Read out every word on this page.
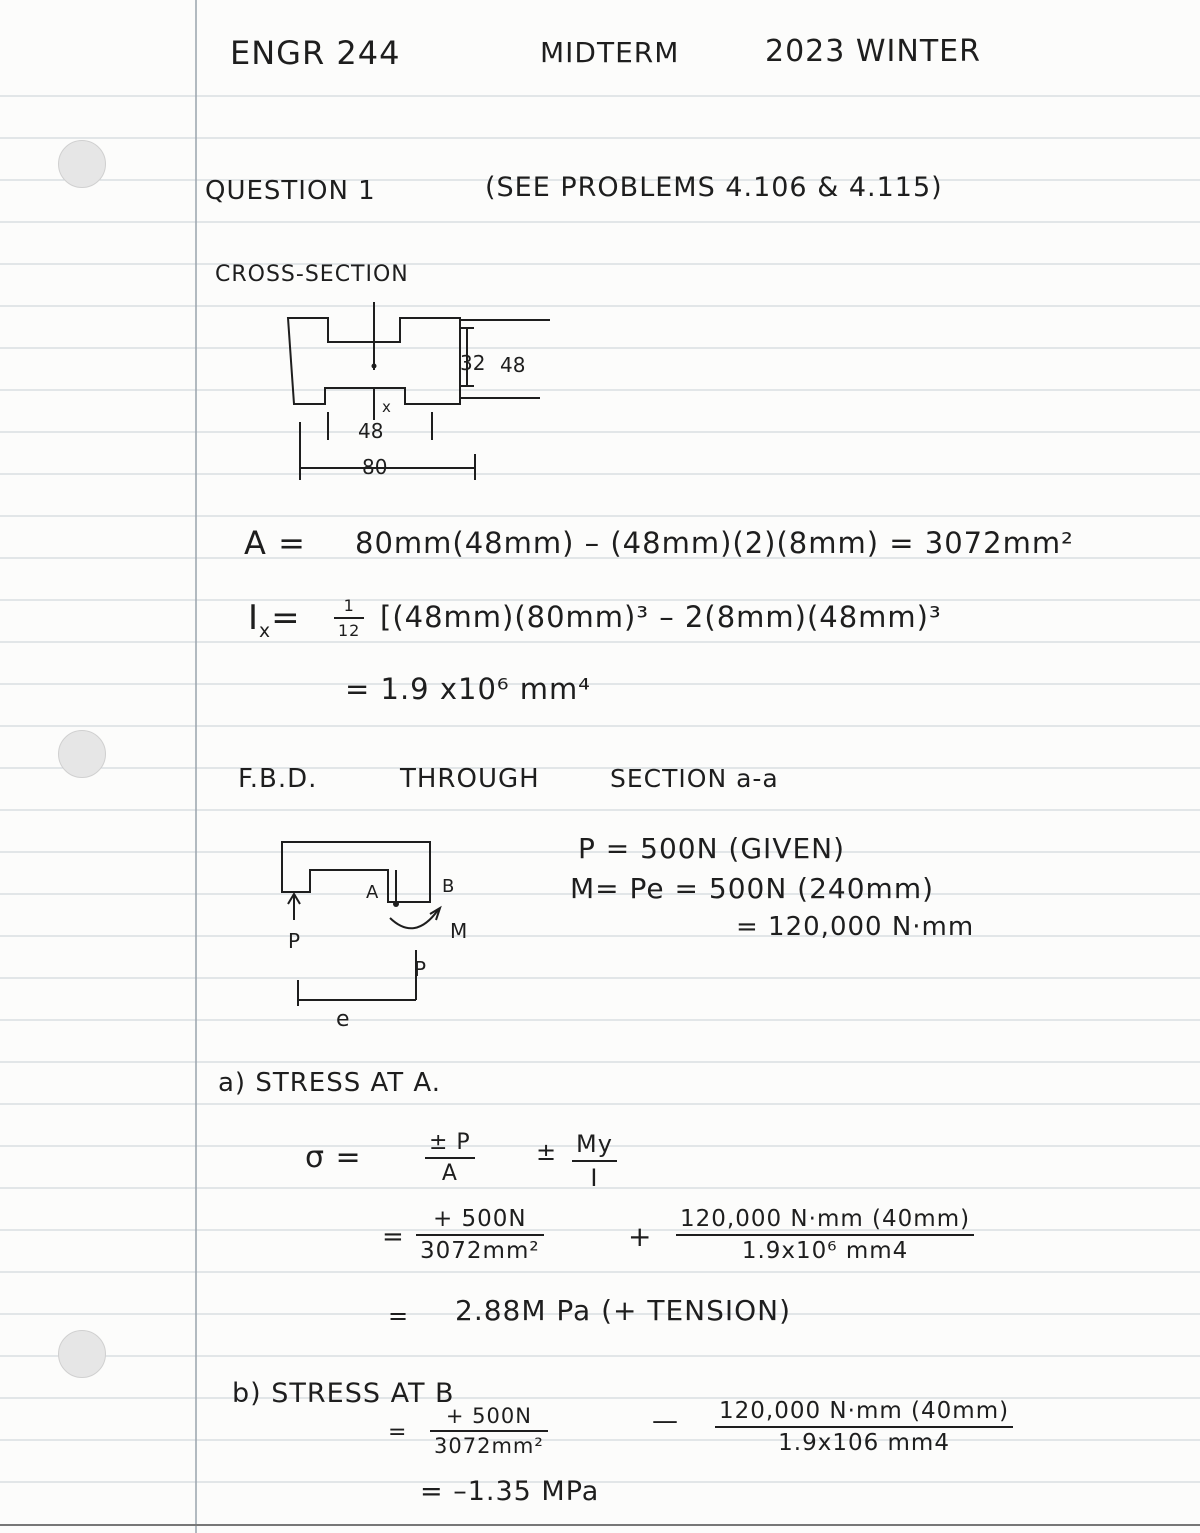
ENGR 244	MIDTERM	2023 WINTER
QUESTION 1	(SEE PROBLEMS 4.106 & 4.115)
CROSS-SECTION
32 48
x
48
80
A = 80mm(48mm) – (48mm)(2)(8mm) = 3072mm²
$I_x= \frac{1}{12} [(48mm)(80mm)^3 - 2(8mm)(48mm)^3$
= 1.9 x10⁶ mm⁴
F.B.D.	THROUGH	SECTION a-a
A	B
P	M
P
e
P = 500N (GIVEN)
M= Pe = 500N (240mm)
= 120,000 N·mm
a) STRESS AT A.
σ =	$\frac{\pm P}{A}$	± $\frac{My}{I}$
= $\frac{+ 500N}{\text{3072mm²}}$	+ $\frac{120,000 N\cdot mm (40mm)}{\text{1.9x10⁶ mm4}}$
= 2.88M Pa (+ TENSION)
b) STRESS AT B
= $\frac{+ 500N}{\text{3072mm²}}$	— $\frac{120,000 N\cdot mm (40mm)}{1.9x106 mm4}$
= –1.35 MPa
